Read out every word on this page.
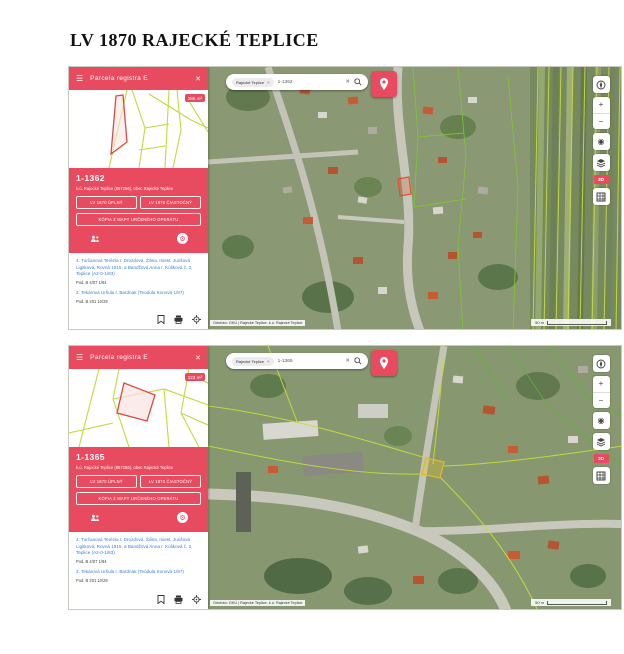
LV 1870 RAJECKÉ TEPLICE
Rajecké Teplice × 1-1362	✕
+
−
◉
3D
Ortofoto: GKÚ | Rajecké Teplice, k.ú. Rajecké Teplice	50 m
☰ Parcela registra E	✕
388 m²
1-1362
k.ú. Rajecké Teplice (857256), obec Rajecké Teplice
LV 1870 ÚPLNÝ	LV 1870 ČIASTOČNÝ
KÓPIA Z MAPY URČENÉHO OPERÁTU
⚙
4. Turčanová Terézia r. Drozdová, Žilina, miest. Jurišová Ligitková, Rovná 1915, a Bandžová Anna r. Kúliková č. 2, Teplice (A2-0-1/83)
Pod. B 4/07 1/84
2. Tekárová Uršula r. Bardnak (Teodula Konová 1/87)
Pod. B 201 10/29
Rajecké Teplice × 1-1365	✕
+
−
◉
3D
Ortofoto: GKÚ | Rajecké Teplice, k.ú. Rajecké Teplice	50 m
☰ Parcela registra E	✕
123 m²
1-1365
k.ú. Rajecké Teplice (857256), obec Rajecké Teplice
LV 1870 ÚPLNÝ	LV 1870 ČIASTOČNÝ
KÓPIA Z MAPY URČENÉHO OPERÁTU
⚙
4. Turčanová Terézia r. Drozdová, Žilina, miest. Jurišová Ligitková, Rovná 1915, a Bandžová Anna r. Kúliková č. 2, Teplice (A2-0-1/83)
Pod. B 4/07 1/84
2. Tekárová Uršula r. Bardnak (Teodula Konová 1/87)
Pod. B 201 10/29
